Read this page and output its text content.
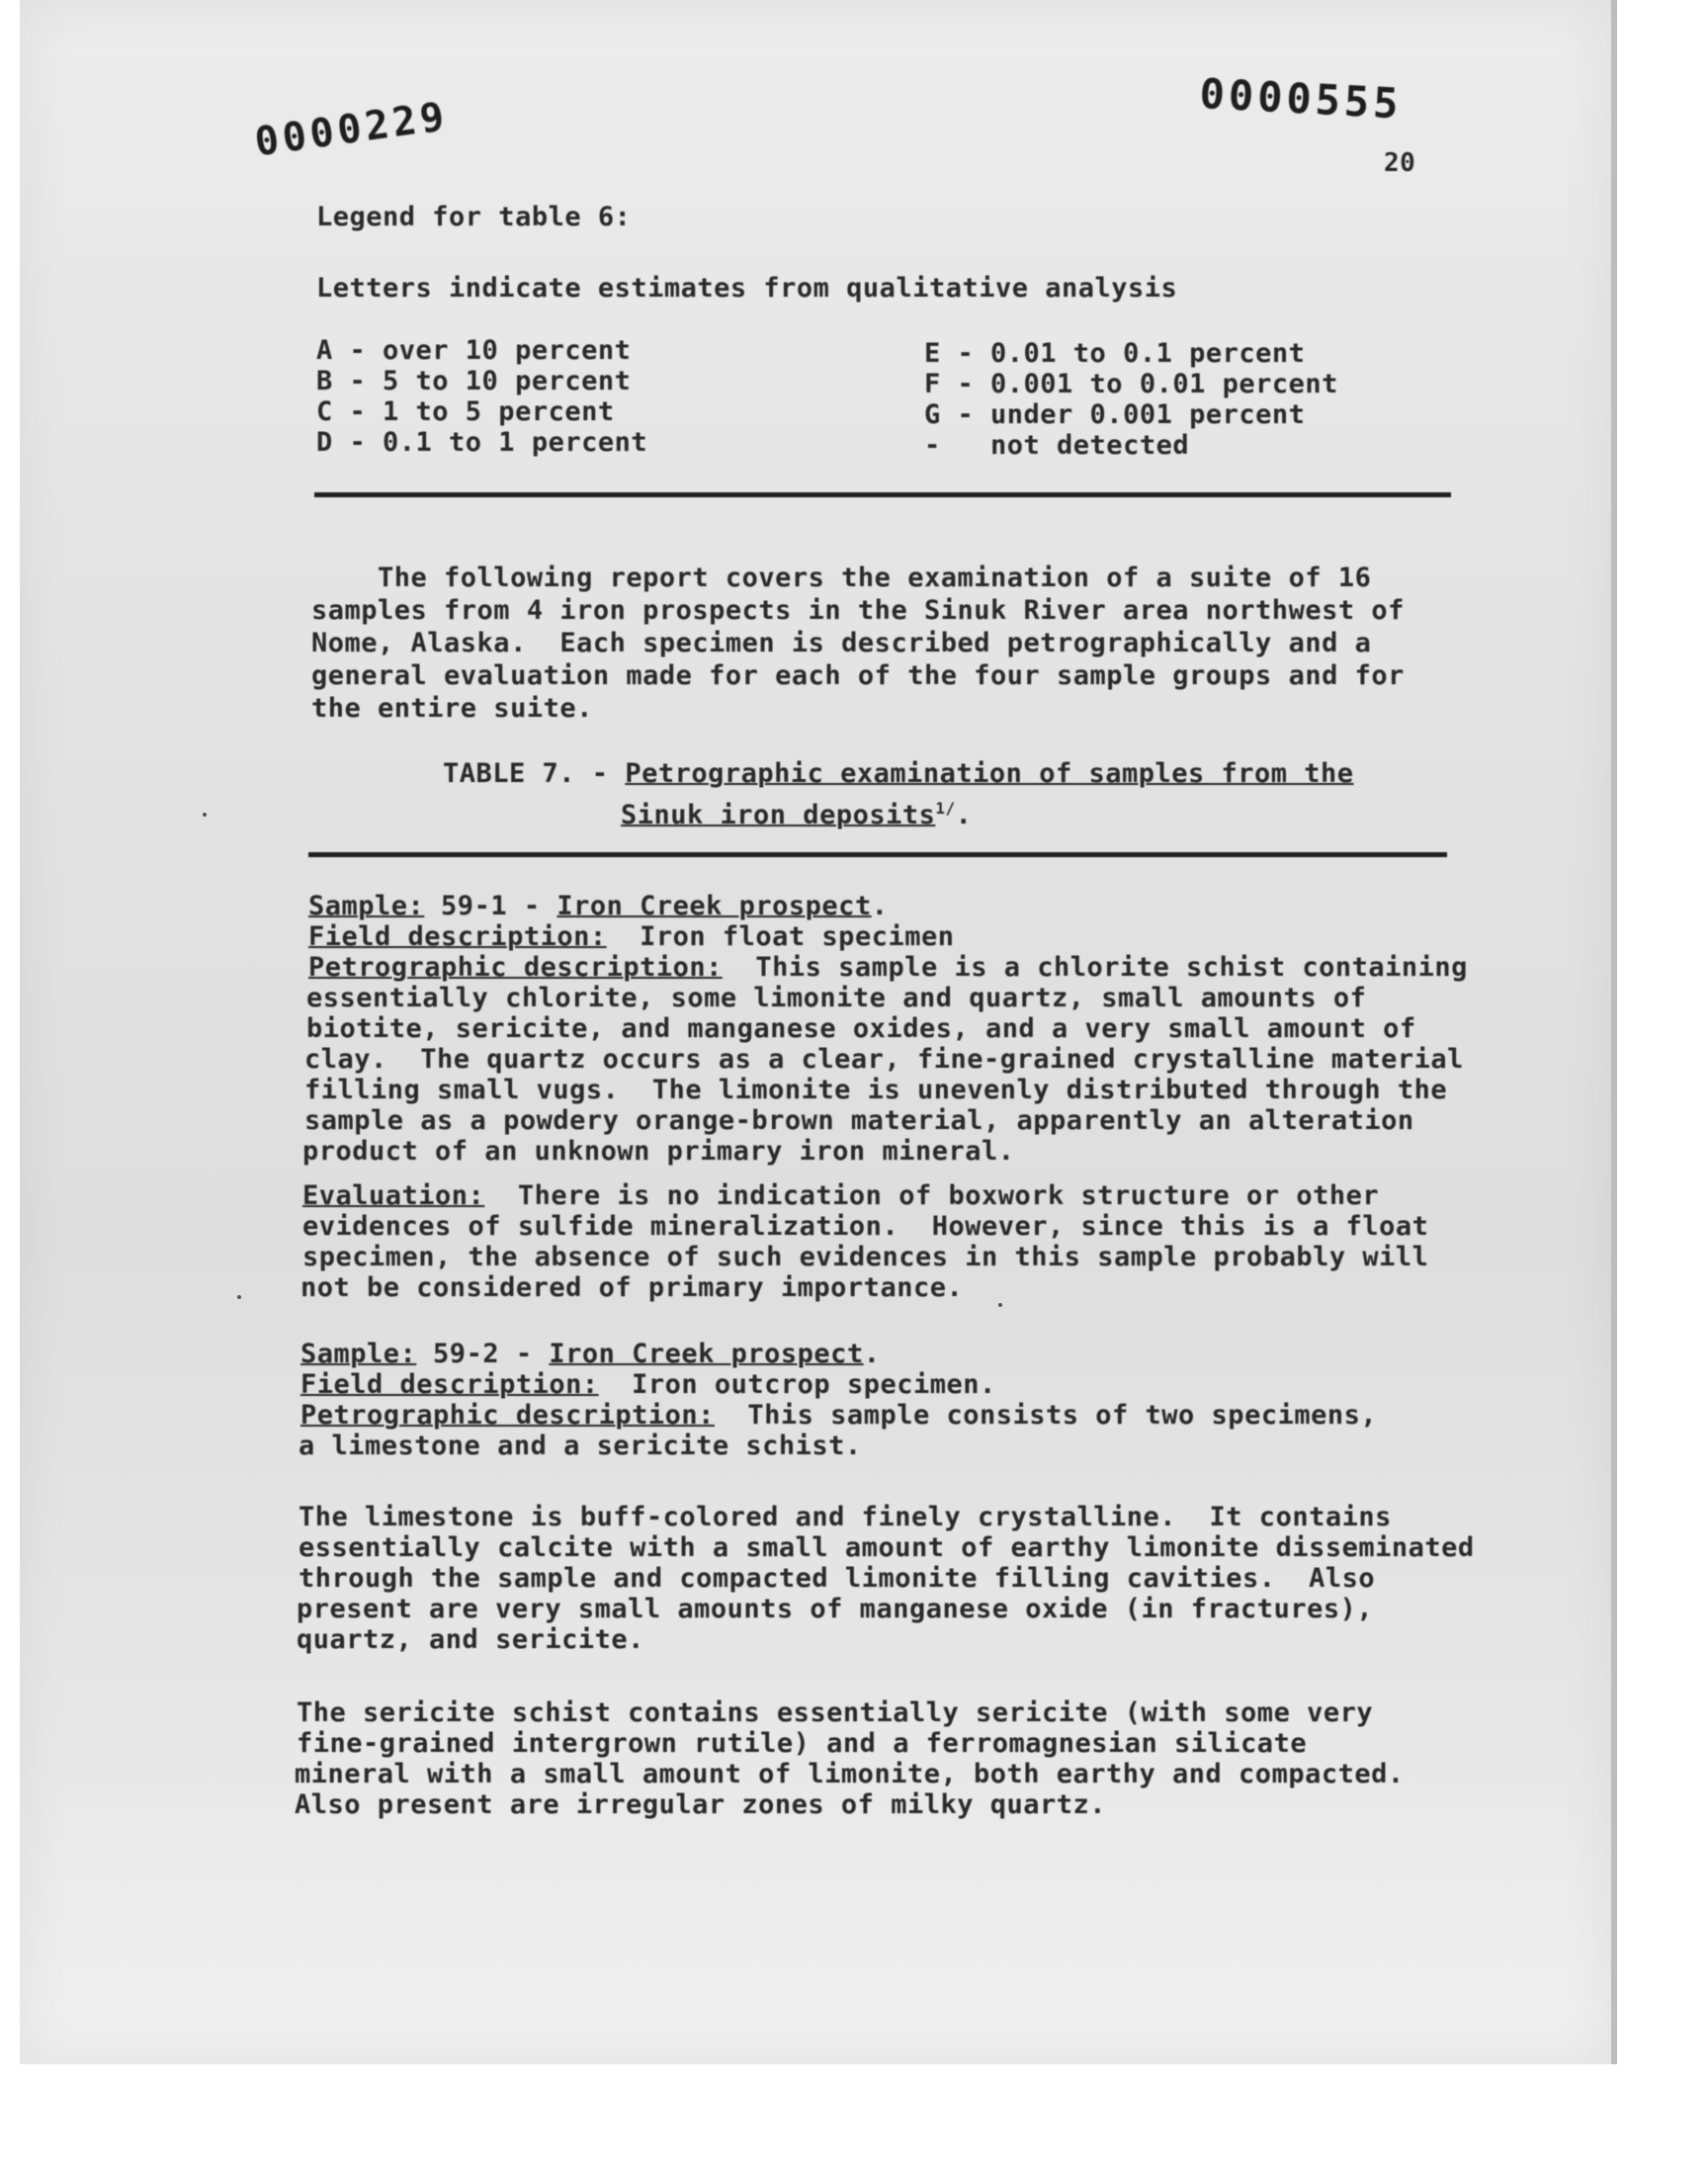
0000555
0000229	20
Legend for table 6:
Letters indicate estimates from qualitative analysis
A - over 10 percent
B - 5 to 10 percent
C - 1 to 5 percent
D - 0.1 to 1 percent
E - 0.01 to 0.1 percent
F - 0.001 to 0.01 percent
G - under 0.001 percent
-   not detected
The following report covers the examination of a suite of 16
samples from 4 iron prospects in the Sinuk River area northwest of
Nome, Alaska.  Each specimen is described petrographically and a
general evaluation made for each of the four sample groups and for
the entire suite.
TABLE 7. - Petrographic examination of samples from the
Sinuk iron deposits$^{1/}$.
Sample: 59-1 - Iron Creek prospect.
Field description:  Iron float specimen
Petrographic description:  This sample is a chlorite schist containing
essentially chlorite, some limonite and quartz, small amounts of
biotite, sericite, and manganese oxides, and a very small amount of
clay.  The quartz occurs as a clear, fine-grained crystalline material
filling small vugs.  The limonite is unevenly distributed through the
sample as a powdery orange-brown material, apparently an alteration
product of an unknown primary iron mineral.
Evaluation:  There is no indication of boxwork structure or other
evidences of sulfide mineralization.  However, since this is a float
specimen, the absence of such evidences in this sample probably will
not be considered of primary importance.
Sample: 59-2 - Iron Creek prospect.
Field description:  Iron outcrop specimen.
Petrographic description:  This sample consists of two specimens,
a limestone and a sericite schist.
The limestone is buff-colored and finely crystalline.  It contains
essentially calcite with a small amount of earthy limonite disseminated
through the sample and compacted limonite filling cavities.  Also
present are very small amounts of manganese oxide (in fractures),
quartz, and sericite.
The sericite schist contains essentially sericite (with some very
fine-grained intergrown rutile) and a ferromagnesian silicate
mineral with a small amount of limonite, both earthy and compacted.
Also present are irregular zones of milky quartz.
